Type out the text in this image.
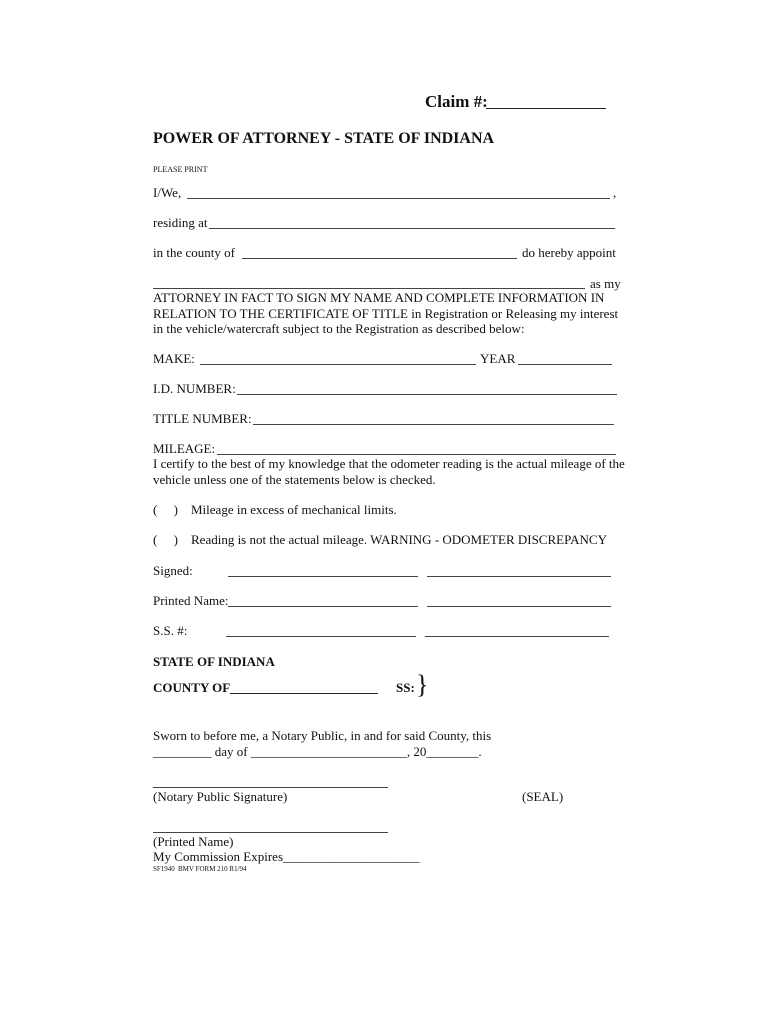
Claim #:
POWER OF ATTORNEY - STATE OF INDIANA
PLEASE PRINT
I/We,	,
residing at
in the county of	do hereby appoint
as my
ATTORNEY IN FACT TO SIGN MY NAME AND COMPLETE INFORMATION IN
RELATION TO THE CERTIFICATE OF TITLE in Registration or Releasing my interest
in the vehicle/watercraft subject to the Registration as described below:
MAKE:	YEAR
I.D. NUMBER:
TITLE NUMBER:
MILEAGE:
I certify to the best of my knowledge that the odometer reading is the actual mileage of the
vehicle unless one of the statements below is checked.
(     ) Mileage in excess of mechanical limits.
(     ) Reading is not the actual mileage. WARNING - ODOMETER DISCREPANCY
Signed:
Printed Name:
S.S. #:
STATE OF INDIANA
COUNTY OF	SS: }
Sworn to before me, a Notary Public, in and for said County, this
_________ day of ________________________, 20________.
(Notary Public Signature)	(SEAL)
(Printed Name)
My Commission Expires_____________________
SF1940 BMV FORM 210 R1/94
